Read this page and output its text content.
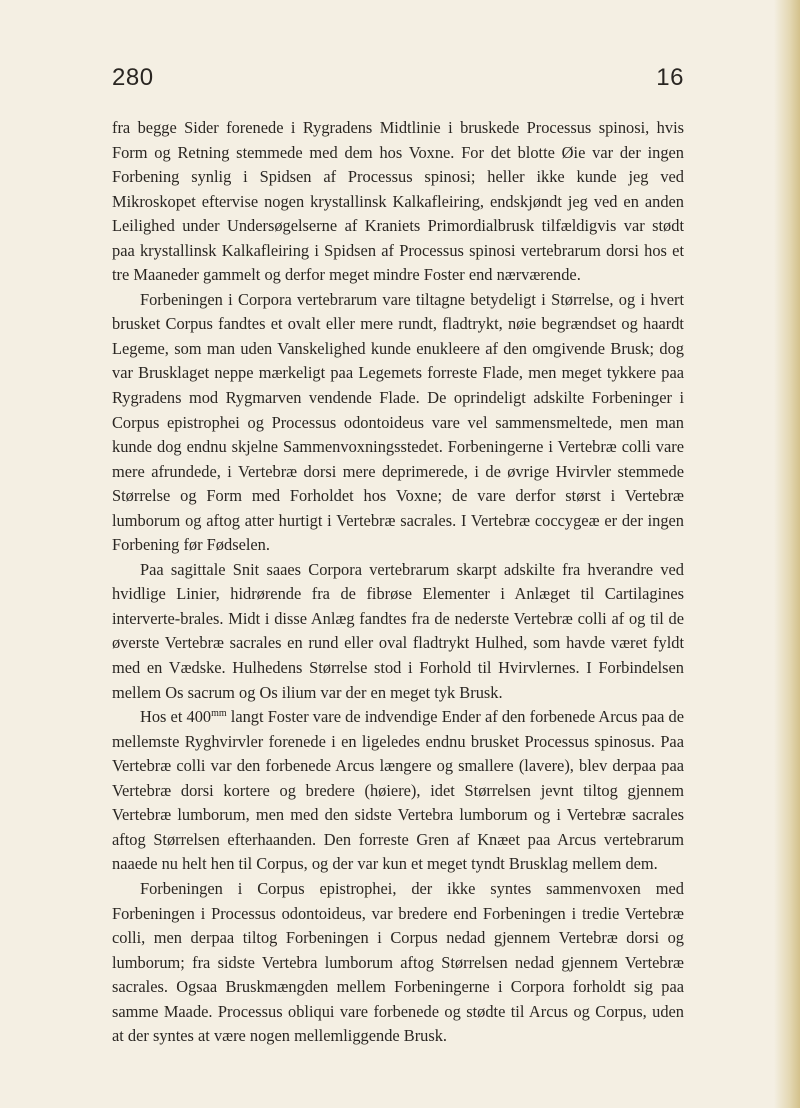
280	16

fra begge Sider forenede i Rygradens Midtlinie i bruskede Processus spinosi, hvis Form og Retning stemmede med dem hos Voxne. For det blotte Øie var der ingen Forbening synlig i Spidsen af Processus spinosi; heller ikke kunde jeg ved Mikroskopet eftervise nogen krystallinsk Kalkafleiring, endskjøndt jeg ved en anden Leilighed under Undersøgelserne af Kraniets Primordialbrusk tilfældigvis var stødt paa krystallinsk Kalkafleiring i Spidsen af Processus spinosi vertebrarum dorsi hos et tre Maaneder gammelt og derfor meget mindre Foster end nærværende.

Forbeningen i Corpora vertebrarum vare tiltagne betydeligt i Størrelse, og i hvert brusket Corpus fandtes et ovalt eller mere rundt, fladtrykt, nøie begrændset og haardt Legeme, som man uden Vanskelighed kunde enukleere af den omgivende Brusk; dog var Brusklaget neppe mærkeligt paa Legemets forreste Flade, men meget tykkere paa Rygradens mod Rygmarven vendende Flade. De oprindeligt adskilte Forbeninger i Corpus epistrophei og Processus odontoideus vare vel sammensmeltede, men man kunde dog endnu skjelne Sammenvoxningsstedet. Forbeningerne i Vertebræ colli vare mere afrundede, i Vertebræ dorsi mere deprimerede, i de øvrige Hvirvler stemmede Størrelse og Form med Forholdet hos Voxne; de vare derfor størst i Vertebræ lumborum og aftog atter hurtigt i Vertebræ sacrales. I Vertebræ coccygeæ er der ingen Forbening før Fødselen.

Paa sagittale Snit saaes Corpora vertebrarum skarpt adskilte fra hverandre ved hvidlige Linier, hidrørende fra de fibrøse Elementer i Anlæget til Cartilagines interverte-brales. Midt i disse Anlæg fandtes fra de nederste Vertebræ colli af og til de øverste Vertebræ sacrales en rund eller oval fladtrykt Hulhed, som havde været fyldt med en Vædske. Hulhedens Størrelse stod i Forhold til Hvirvlernes. I Forbindelsen mellem Os sacrum og Os ilium var der en meget tyk Brusk.

Hos et $400^{mm}$ langt Foster vare de indvendige Ender af den forbenede Arcus paa de mellemste Ryghvirvler forenede i en ligeledes endnu brusket Processus spinosus. Paa Vertebræ colli var den forbenede Arcus længere og smallere (lavere), blev derpaa paa Vertebræ dorsi kortere og bredere (høiere), idet Størrelsen jevnt tiltog gjennem Vertebræ lumborum, men med den sidste Vertebra lumborum og i Vertebræ sacrales aftog Størrelsen efterhaanden. Den forreste Gren af Knæet paa Arcus vertebrarum naaede nu helt hen til Corpus, og der var kun et meget tyndt Brusklag mellem dem.

Forbeningen i Corpus epistrophei, der ikke syntes sammenvoxen med Forbeningen i Processus odontoideus, var bredere end Forbeningen i tredie Vertebræ colli, men derpaa tiltog Forbeningen i Corpus nedad gjennem Vertebræ dorsi og lumborum; fra sidste Vertebra lumborum aftog Størrelsen nedad gjennem Vertebræ sacrales. Ogsaa Bruskmængden mellem Forbeningerne i Corpora forholdt sig paa samme Maade. Processus obliqui vare forbenede og stødte til Arcus og Corpus, uden at der syntes at være nogen mellemliggende Brusk.
